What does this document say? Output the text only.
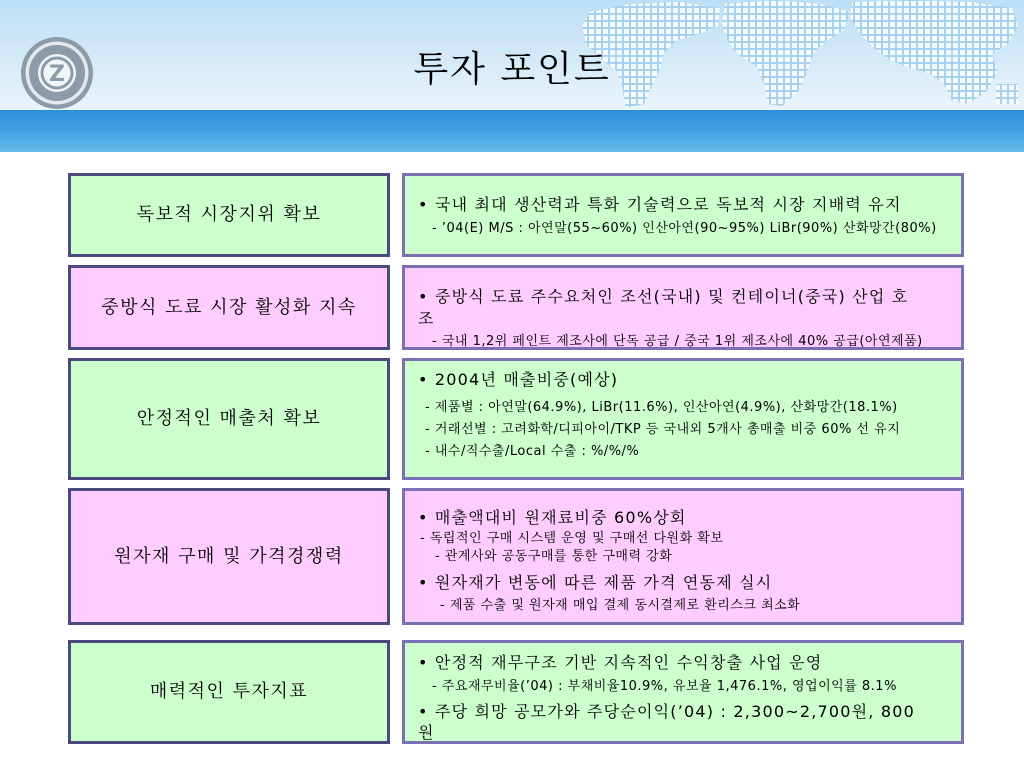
Z	투자 포인트
독보적 시장지위 확보	• 국내 최대 생산력과 특화 기술력으로 독보적 시장 지배력 유지
- ’04(E) M/S : 아연말(55~60%) 인산아연(90~95%) LiBr(90%) 산화망간(80%)
중방식 도료 시장 활성화 지속	• 중방식 도료 주수요처인 조선(국내) 및 컨테이너(중국) 산업 호조
- 국내 1,2위 페인트 제조사에 단독 공급 / 중국 1위 제조사에 40% 공급(아연제품)
안정적인 매출처 확보
• 2004년 매출비중(예상)
- 제품별 : 아연말(64.9%), LiBr(11.6%), 인산아연(4.9%), 산화망간(18.1%)
- 거래선별 : 고려화학/디피아이/TKP 등 국내외 5개사 총매출 비중 60% 선 유지
- 내수/직수출/Local 수출 : %/%/%
원자재 구매 및 가격경쟁력
• 매출액대비 원재료비중 60%상회
- 독립적인 구매 시스템 운영 및 구매선 다원화 확보
- 관계사와 공동구매를 통한 구매력 강화
• 원자재가 변동에 따른 제품 가격 연동제 실시
- 제품 수출 및 원자재 매입 결제 동시결제로 환리스크 최소화
매력적인 투자지표
• 안정적 재무구조 기반 지속적인 수익창출 사업 운영
- 주요재무비율(’04) : 부채비율10.9%, 유보율 1,476.1%, 영업이익률 8.1%
• 주당 희망 공모가와 주당순이익(’04) : 2,300~2,700원, 800원
